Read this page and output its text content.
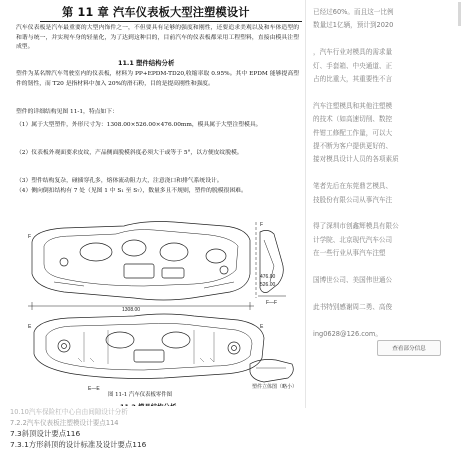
第 11 章 汽车仪表板大型注塑模设计

汽车仪表板是汽车最重要的大型内饰件之一，不但要具有足够的强度和刚性，还要追求美观以及和车体造型的和谐与统一，并实现车身的轻量化，为了达到这种目的，目前汽车的仪表板都采用工程塑料，直接由模具注塑成型。

11.1 塑件结构分析

塑件为某名牌汽车驾驶室内的仪表板，材料为 PP+EPDM-TD20,收缩率取 0.95%。其中 EPDM 能够提高塑件的韧性，而 T20 是指材料中加入 20%的滑石粉，目的是提高刚性和强度。

塑件的详细结构见图 11-1，特点如下：

（1）属于大型塑件，外形尺寸为：1308.00×526.00×476.00mm，模具属于大型注塑模具。

（2）仪表板外观面要求皮纹，产品侧面脱模斜度必须大于或等于 5°，以方便皮纹脱模。

（3）塑件结构复杂，碰插穿孔多，熔体流动阻力大，注意浇口和排气系统设计。

（4）侧向倒扣结构有 7 处（见图 1 中 S₁ 至 S₇），数量多且不规则，塑件的脱模很困难。

F
F
F—F
1308.00
476.00
526.00
E	E
E—E	塑件立体图（略小）
图 11-1 汽车仪表板零件图
已经过60%。而且这一比例
数量过1亿辆，预计到2020
，汽车行业对模具的需求量
灯、手套箱、中央通道、正
占的比重大，其重要性不言
汽车注塑模具和其他注塑模
的技术（如高速切削、数控
件钳工修配工作量，可以大
提不断为客户提供更好的、
接对模具设计人员的各项素质
笔者先后在东莞鼎艺模具、
技股份有限公司从事汽车注
得了深圳市创鑫辉模具有限公
计学院、北京现代汽车公司
在一些行业从事汽车注塑
国博世公司、美国伟世通公
此书特别感谢周二勇、高俊
ing0628@126.com。
查看部分信息
10.10汽车保险杠中心自由间隙设计分析
7.2.2汽车仪表板注塑模设计要点114
7.3斜顶设计要点116
7.3.1方形斜顶的设计标准及设计要点116
